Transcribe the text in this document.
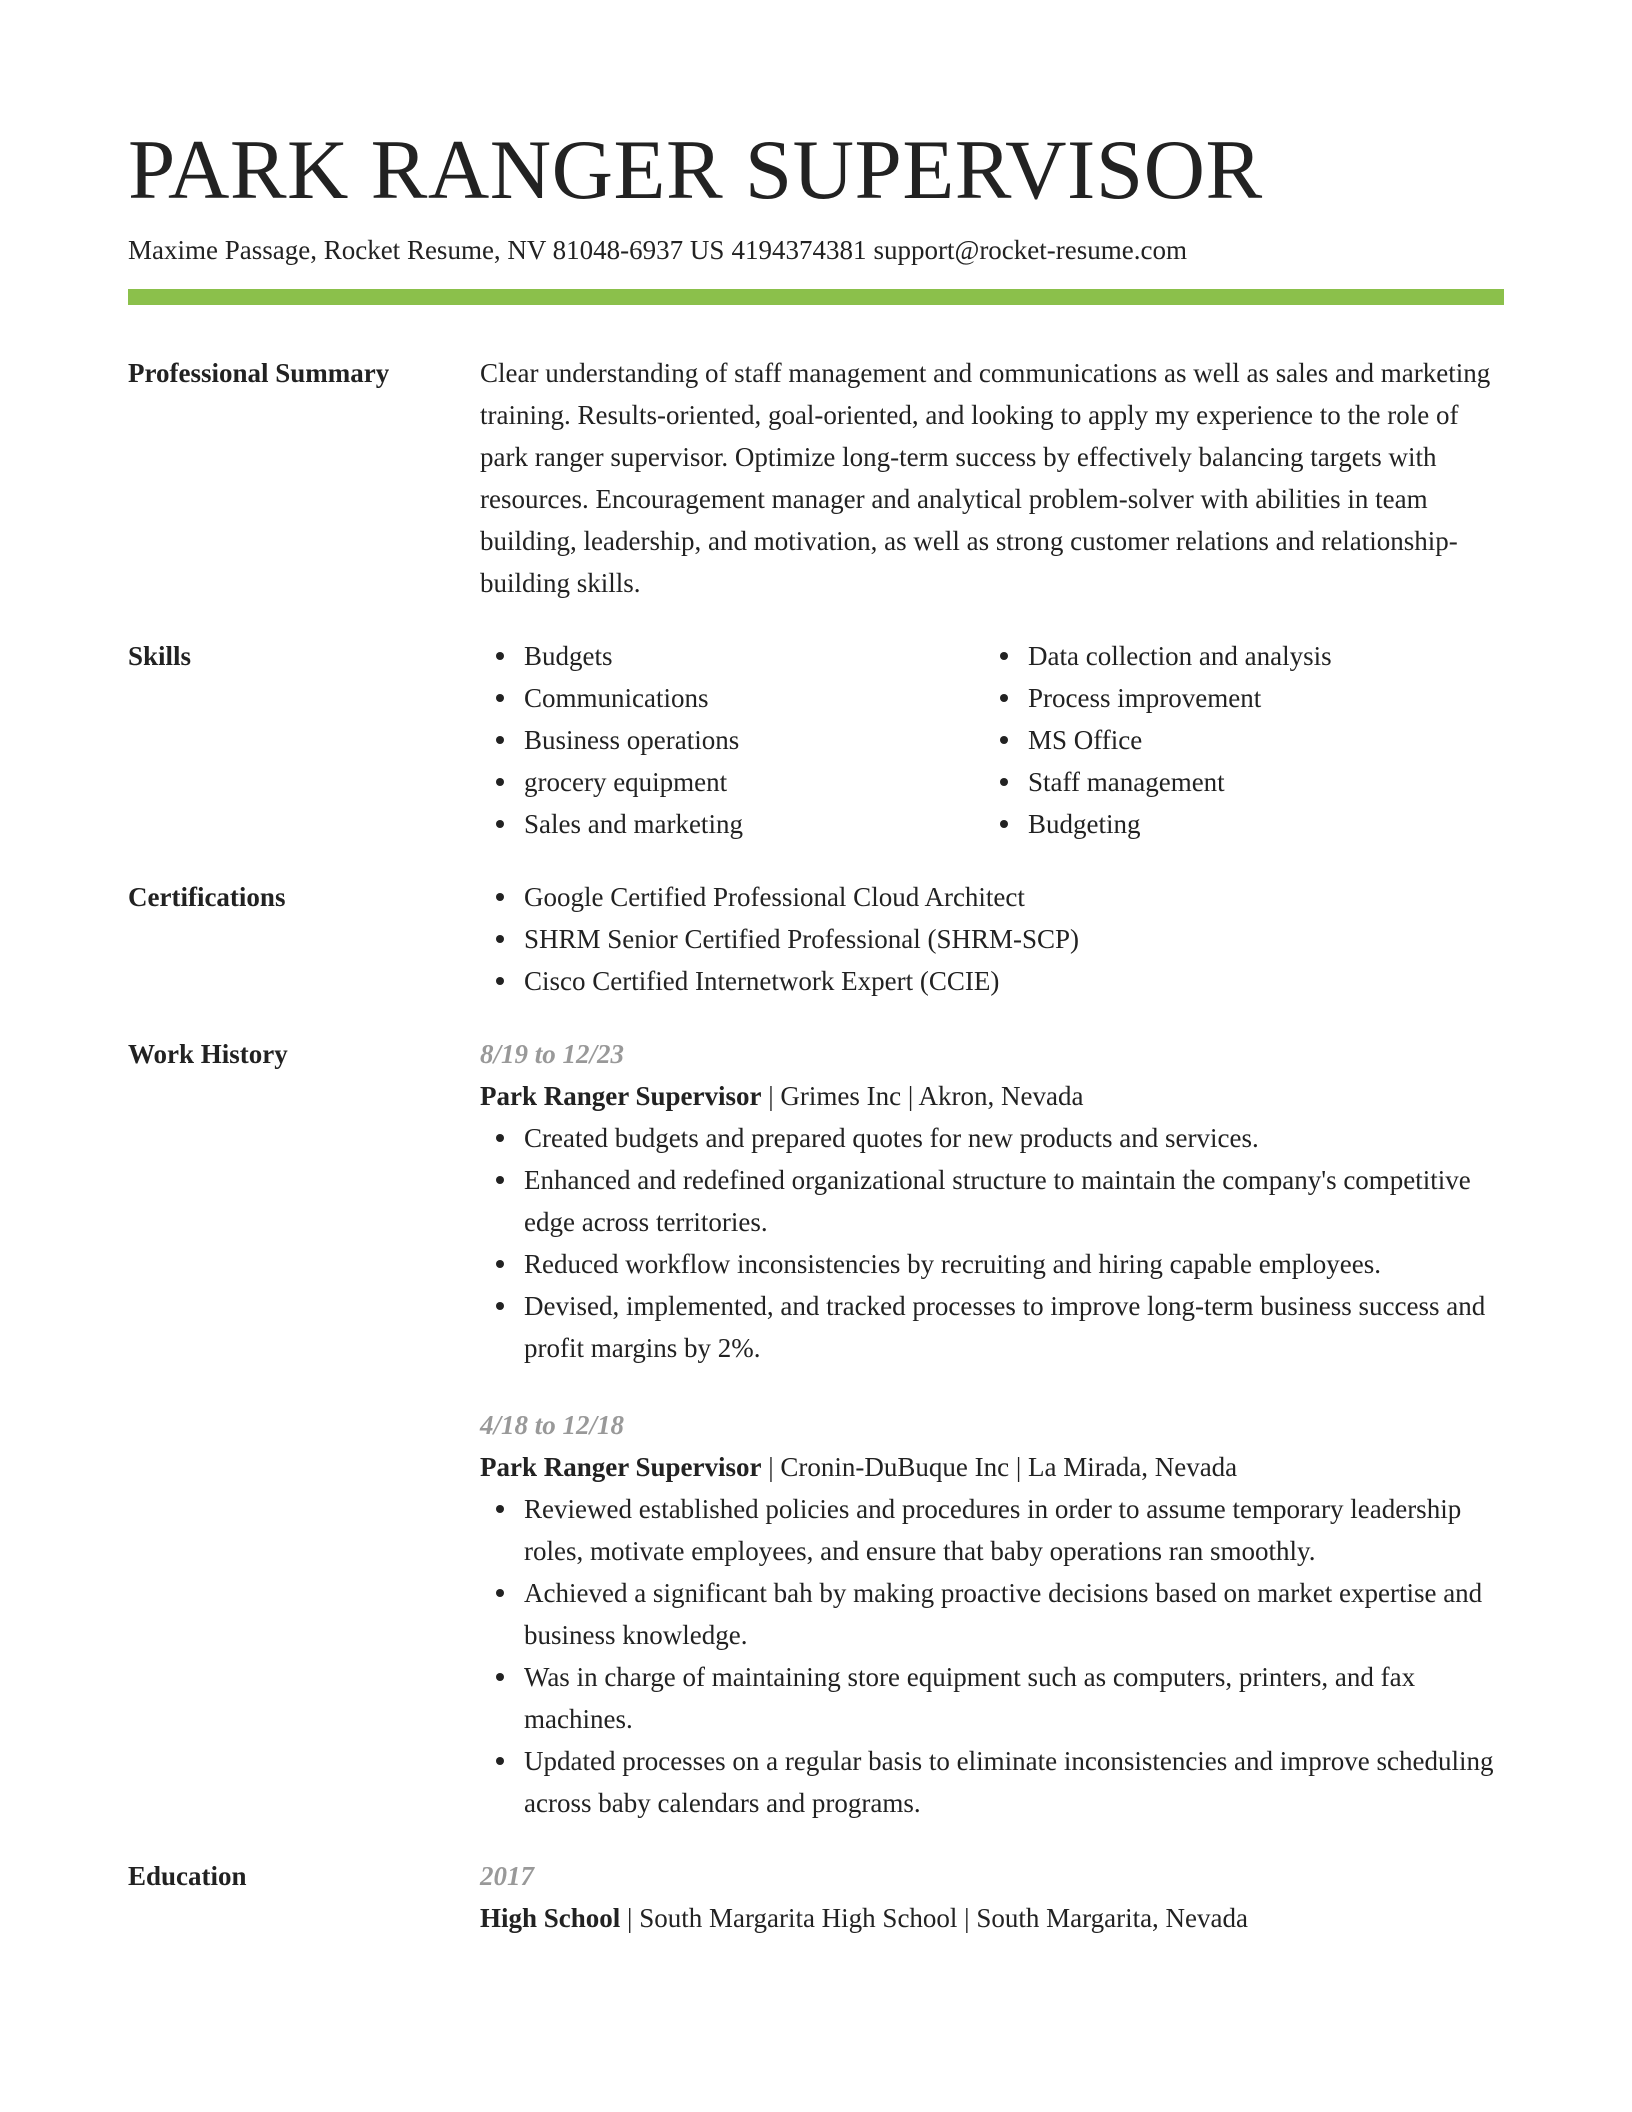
PARK RANGER SUPERVISOR
Maxime Passage, Rocket Resume, NV 81048-6937 US 4194374381 support@rocket-resume.com
Professional Summary	Clear understanding of staff management and communications as well as sales and marketing training. Results-oriented, goal-oriented, and looking to apply my experience to the role of park ranger supervisor. Optimize long-term success by effectively balancing targets with resources. Encouragement manager and analytical problem-solver with abilities in team building, leadership, and motivation, as well as strong customer relations and relationship-building skills.

Skills	Budgets
Communications
Business operations
grocery equipment
Sales and marketing
Data collection and analysis
Process improvement
MS Office
Staff management
Budgeting
Certifications	Google Certified Professional Cloud Architect
SHRM Senior Certified Professional (SHRM-SCP)
Cisco Certified Internetwork Expert (CCIE)
Work History	8/19 to 12/23
Park Ranger Supervisor | Grimes Inc | Akron, Nevada
Created budgets and prepared quotes for new products and services.
Enhanced and redefined organizational structure to maintain the company's competitive edge across territories.
Reduced workflow inconsistencies by recruiting and hiring capable employees.
Devised, implemented, and tracked processes to improve long-term business success and profit margins by 2%.
4/18 to 12/18
Park Ranger Supervisor | Cronin-DuBuque Inc | La Mirada, Nevada
Reviewed established policies and procedures in order to assume temporary leadership roles, motivate employees, and ensure that baby operations ran smoothly.
Achieved a significant bah by making proactive decisions based on market expertise and business knowledge.
Was in charge of maintaining store equipment such as computers, printers, and fax machines.
Updated processes on a regular basis to eliminate inconsistencies and improve scheduling across baby calendars and programs.
Education	2017
High School | South Margarita High School | South Margarita, Nevada
